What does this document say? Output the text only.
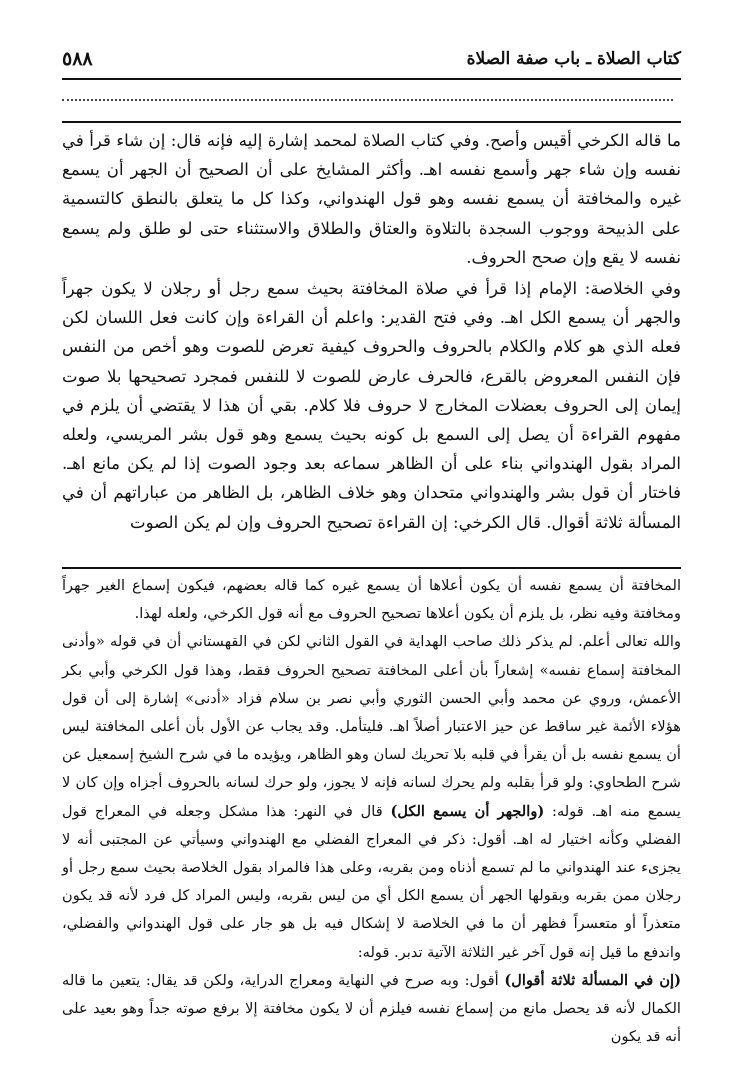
كتاب الصلاة ـ باب صفة الصلاة
٥٨٨

ما قاله الكرخي أقيس وأصح. وفي كتاب الصلاة لمحمد إشارة إليه فإنه قال: إن شاء قرأ في نفسه وإن شاء جهر وأسمع نفسه اهـ. وأكثر المشايخ على أن الصحيح أن الجهر أن يسمع غيره والمخافتة أن يسمع نفسه وهو قول الهندواني، وكذا كل ما يتعلق بالنطق كالتسمية على الذبيحة ووجوب السجدة بالتلاوة والعتاق والطلاق والاستثناء حتى لو طلق ولم يسمع نفسه لا يقع وإن صحح الحروف.

وفي الخلاصة: الإمام إذا قرأ في صلاة المخافتة بحيث سمع رجل أو رجلان لا يكون جهراً والجهر أن يسمع الكل اهـ. وفي فتح القدير: واعلم أن القراءة وإن كانت فعل اللسان لكن فعله الذي هو كلام والكلام بالحروف والحروف كيفية تعرض للصوت وهو أخص من النفس فإن النفس المعروض بالقرع، فالحرف عارض للصوت لا للنفس فمجرد تصحيحها بلا صوت إيمان إلى الحروف بعضلات المخارج لا حروف فلا كلام. بقي أن هذا لا يقتضي أن يلزم في مفهوم القراءة أن يصل إلى السمع بل كونه بحيث يسمع وهو قول بشر المريسي، ولعله المراد بقول الهندواني بناء على أن الظاهر سماعه بعد وجود الصوت إذا لم يكن مانع اهـ. فاختار أن قول بشر والهندواني متحدان وهو خلاف الظاهر، بل الظاهر من عباراتهم أن في المسألة ثلاثة أقوال. قال الكرخي: إن القراءة تصحيح الحروف وإن لم يكن الصوت

المخافتة أن يسمع نفسه أن يكون أعلاها أن يسمع غيره كما قاله بعضهم، فيكون إسماع الغير جهراً ومخافتة وفيه نظر، بل يلزم أن يكون أعلاها تصحيح الحروف مع أنه قول الكرخي، ولعله لهذا.

والله تعالى أعلم. لم يذكر ذلك صاحب الهداية في القول الثاني لكن في القهستاني أن في قوله «وأدنى المخافتة إسماع نفسه» إشعاراً بأن أعلى المخافتة تصحيح الحروف فقط، وهذا قول الكرخي وأبي بكر الأعمش، وروي عن محمد وأبي الحسن الثوري وأبي نصر بن سلام فزاد «أدنى» إشارة إلى أن قول هؤلاء الأئمة غير ساقط عن حيز الاعتبار أصلاً اهـ. فليتأمل. وقد يجاب عن الأول بأن أعلى المخافتة ليس أن يسمع نفسه بل أن يقرأ في قلبه بلا تحريك لسان وهو الظاهر، ويؤيده ما في شرح الشيخ إسمعيل عن شرح الطحاوي: ولو قرأ بقلبه ولم يحرك لسانه فإنه لا يجوز، ولو حرك لسانه بالحروف أجزاه وإن كان لا يسمع منه اهـ. قوله: (والجهر أن يسمع الكل) قال في النهر: هذا مشكل وجعله في المعراج قول الفضلي وكأنه اختيار له اهـ. أقول: ذكر في المعراج الفضلي مع الهندواني وسيأتي عن المجتبى أنه لا يجزىء عند الهندواني ما لم تسمع أذناه ومن بقربه، وعلى هذا فالمراد بقول الخلاصة بحيث سمع رجل أو رجلان ممن بقربه وبقولها الجهر أن يسمع الكل أي من ليس بقربه، وليس المراد كل فرد لأنه قد يكون متعذراً أو متعسراً فظهر أن ما في الخلاصة لا إشكال فيه بل هو جار على قول الهندواني والفضلي، واندفع ما قيل إنه قول آخر غير الثلاثة الآتية تدبر. قوله:

(إن في المسألة ثلاثة أقوال) أقول: وبه صرح في النهاية ومعراج الدراية، ولكن قد يقال: يتعين ما قاله الكمال لأنه قد يحصل مانع من إسماع نفسه فيلزم أن لا يكون مخافتة إلا برفع صوته جداً وهو بعيد على أنه قد يكون
